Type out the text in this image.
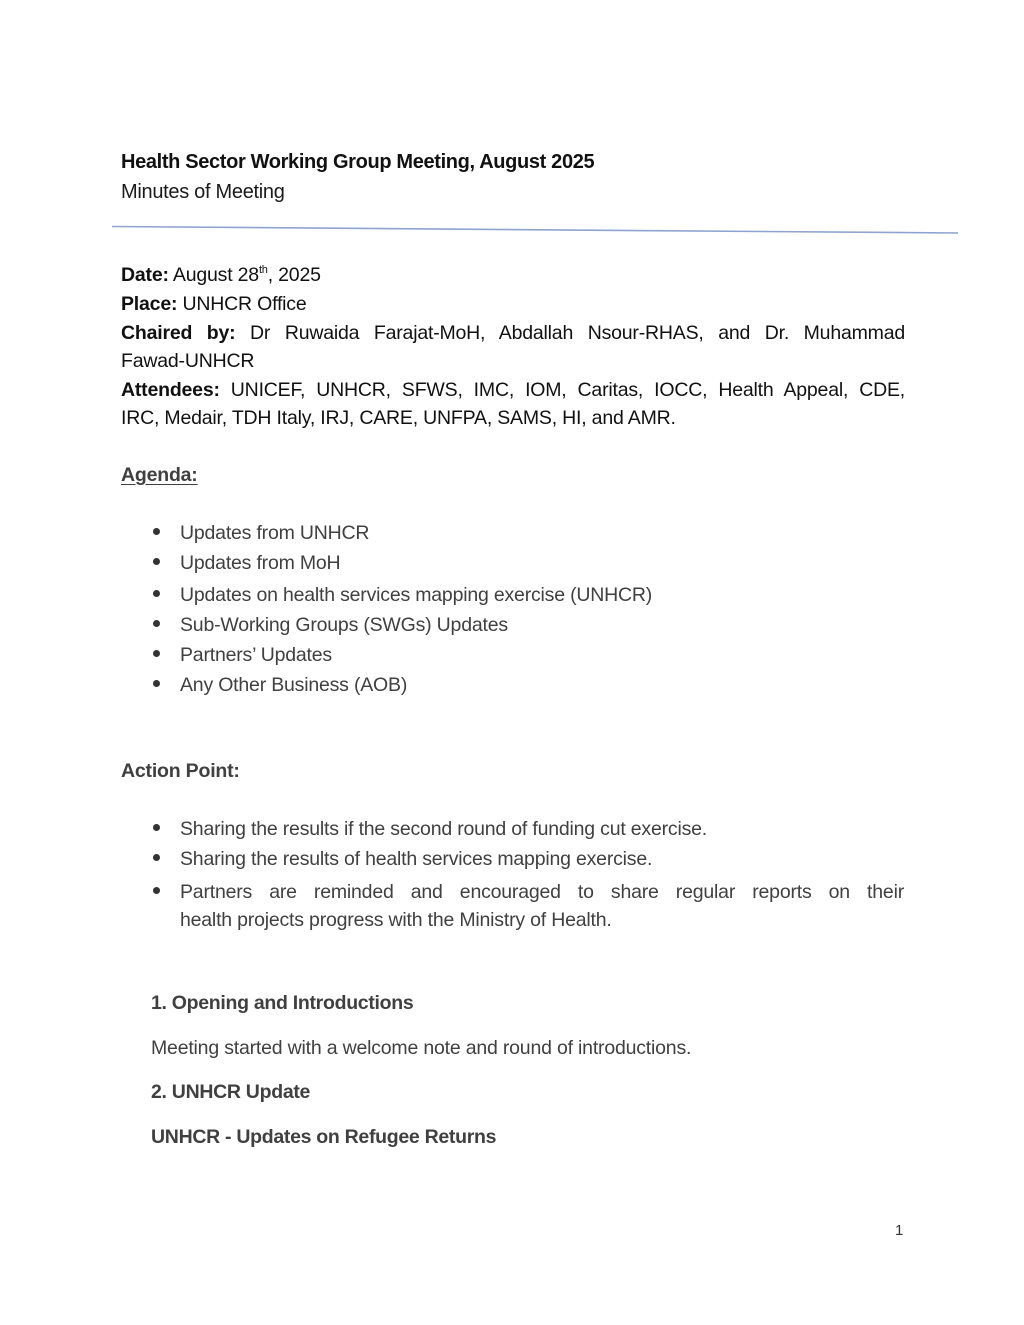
Health Sector Working Group Meeting, August 2025
Minutes of Meeting
Date: August 28th, 2025
Place: UNHCR Office
Chaired by: Dr Ruwaida Farajat-MoH, Abdallah Nsour-RHAS, and Dr. Muhammad
Fawad-UNHCR
Attendees: UNICEF, UNHCR, SFWS, IMC, IOM, Caritas, IOCC, Health Appeal, CDE,
IRC, Medair, TDH Italy, IRJ, CARE, UNFPA, SAMS, HI, and AMR.
Agenda:
Updates from UNHCR
Updates from MoH
Updates on health services mapping exercise (UNHCR)
Sub-Working Groups (SWGs) Updates
Partners’ Updates
Any Other Business (AOB)
Action Point:
Sharing the results if the second round of funding cut exercise.
Sharing the results of health services mapping exercise.
Partners are reminded and encouraged to share regular reports on their
health projects progress with the Ministry of Health.
1. Opening and Introductions
Meeting started with a welcome note and round of introductions.
2. UNHCR Update
UNHCR - Updates on Refugee Returns
1
